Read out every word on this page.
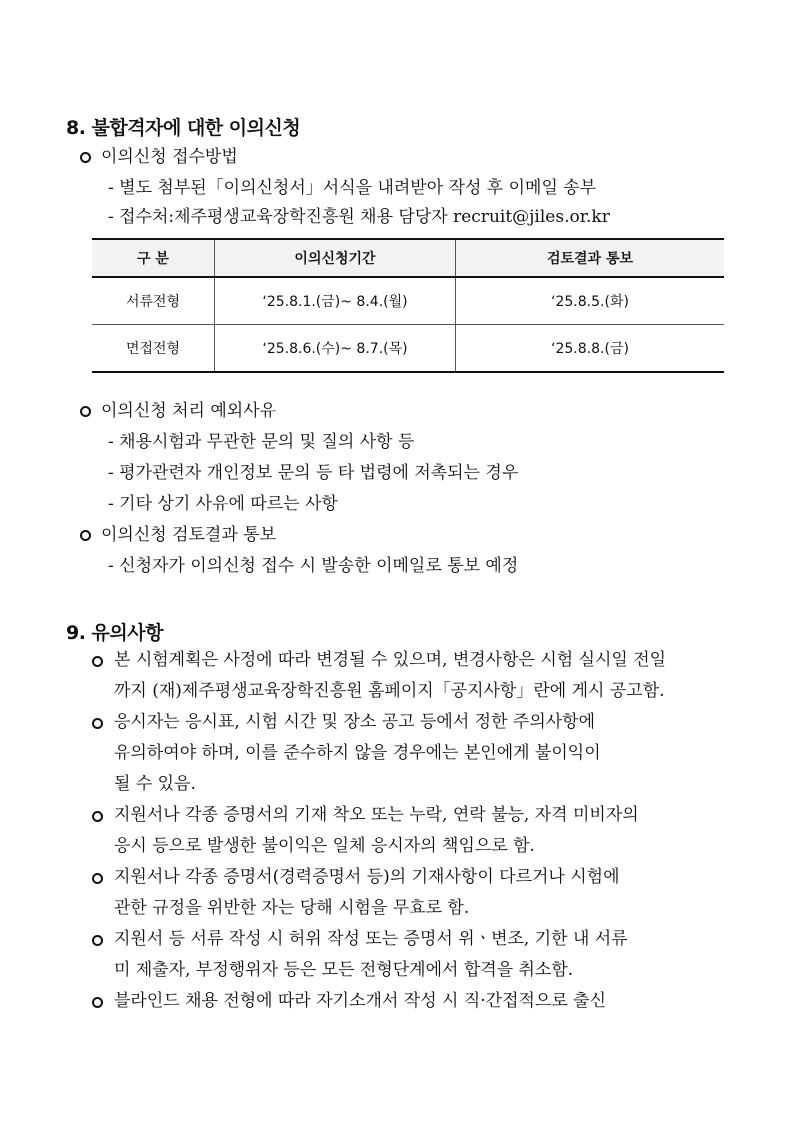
8. 불합격자에 대한 이의신청
이의신청 접수방법
- 별도 첨부된「이의신청서」서식을 내려받아 작성 후 이메일 송부
- 접수처:제주평생교육장학진흥원 채용 담당자 recruit@jiles.or.kr
구 분	이의신청기간	검토결과 통보
서류전형	‘25.8.1.(금)~ 8.4.(월)	‘25.8.5.(화)
면접전형	‘25.8.6.(수)~ 8.7.(목)	‘25.8.8.(금)
이의신청 처리 예외사유
- 채용시험과 무관한 문의 및 질의 사항 등
- 평가관련자 개인정보 문의 등 타 법령에 저촉되는 경우
- 기타 상기 사유에 따르는 사항
이의신청 검토결과 통보
- 신청자가 이의신청 접수 시 발송한 이메일로 통보 예정
9. 유의사항
본 시험계획은 사정에 따라 변경될 수 있으며, 변경사항은 시험 실시일 전일
까지 (재)제주평생교육장학진흥원 홈페이지「공지사항」란에 게시 공고함.
응시자는 응시표, 시험 시간 및 장소 공고 등에서 정한 주의사항에
유의하여야 하며, 이를 준수하지 않을 경우에는 본인에게 불이익이
될 수 있음.
지원서나 각종 증명서의 기재 착오 또는 누락, 연락 불능, 자격 미비자의
응시 등으로 발생한 불이익은 일체 응시자의 책임으로 함.
지원서나 각종 증명서(경력증명서 등)의 기재사항이 다르거나 시험에
관한 규정을 위반한 자는 당해 시험을 무효로 함.
지원서 등 서류 작성 시 허위 작성 또는 증명서 위ㆍ변조, 기한 내 서류
미 제출자, 부정행위자 등은 모든 전형단계에서 합격을 취소함.
블라인드 채용 전형에 따라 자기소개서 작성 시 직·간접적으로 출신
